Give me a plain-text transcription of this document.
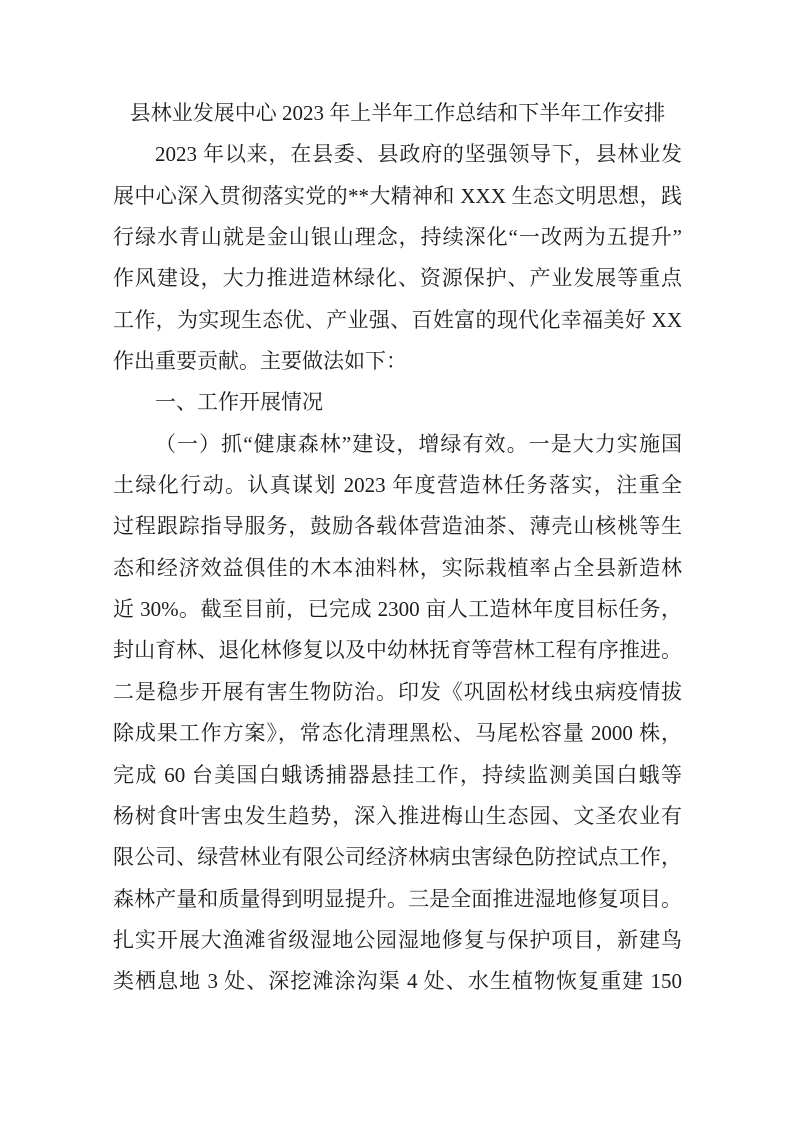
县林业发展中心 2023 年上半年工作总结和下半年工作安排
2023 年以来，在县委、县政府的坚强领导下，县林业发
展中心深入贯彻落实党的**大精神和 XXX 生态文明思想，践
行绿水青山就是金山银山理念，持续深化“一改两为五提升”
作风建设，大力推进造林绿化、资源保护、产业发展等重点
工作，为实现生态优、产业强、百姓富的现代化幸福美好 XX
作出重要贡献。主要做法如下：
一、工作开展情况
（一）抓“健康森林”建设，增绿有效。一是大力实施国
土绿化行动。认真谋划 2023 年度营造林任务落实，注重全
过程跟踪指导服务，鼓励各载体营造油茶、薄壳山核桃等生
态和经济效益俱佳的木本油料林，实际栽植率占全县新造林
近 30%。截至目前，已完成 2300 亩人工造林年度目标任务，
封山育林、退化林修复以及中幼林抚育等营林工程有序推进。
二是稳步开展有害生物防治。印发《巩固松材线虫病疫情拔
除成果工作方案》，常态化清理黑松、马尾松容量 2000 株，
完成 60 台美国白蛾诱捕器悬挂工作，持续监测美国白蛾等
杨树食叶害虫发生趋势，深入推进梅山生态园、文圣农业有
限公司、绿营林业有限公司经济林病虫害绿色防控试点工作，
森林产量和质量得到明显提升。三是全面推进湿地修复项目。
扎实开展大渔滩省级湿地公园湿地修复与保护项目，新建鸟
类栖息地 3 处、深挖滩涂沟渠 4 处、水生植物恢复重建 150
